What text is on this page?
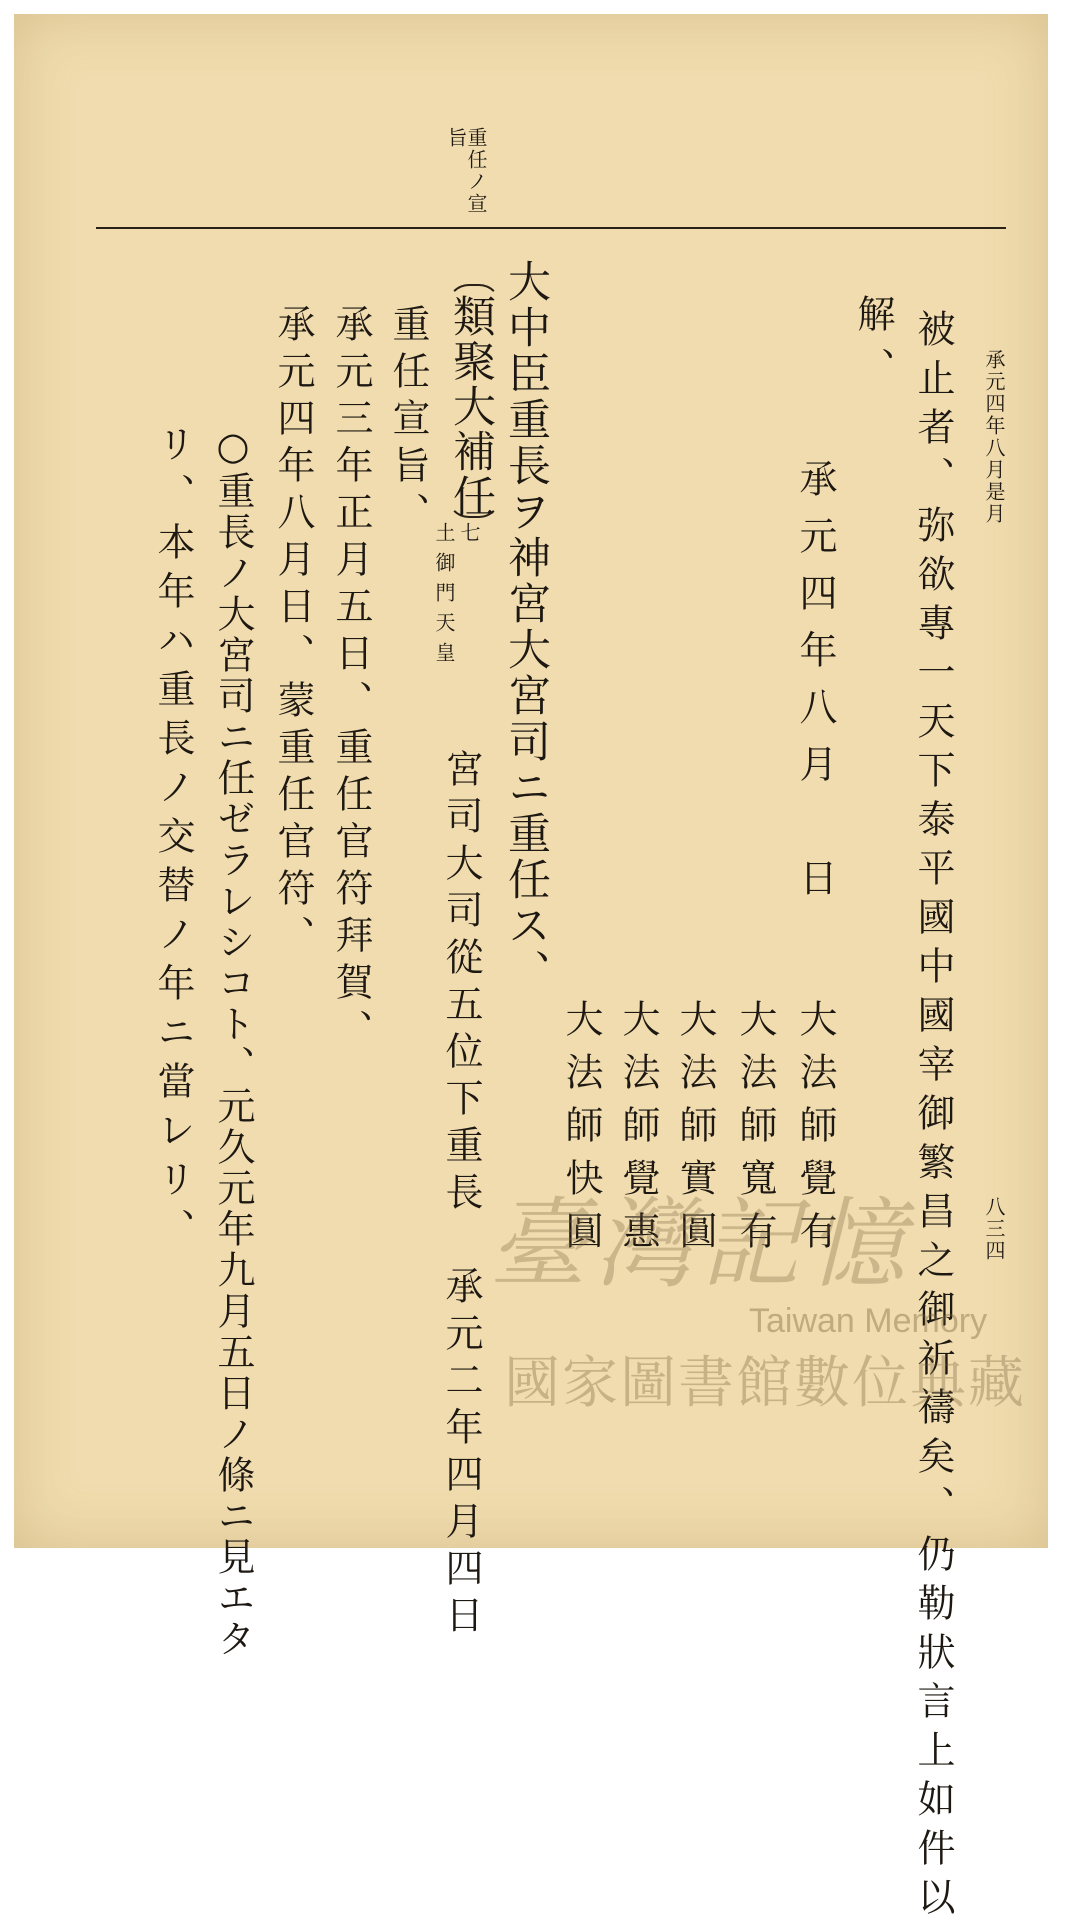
承元四年八月是月
八三四
重任ノ宣
旨
被止者、弥欲專一天下泰平國中國宰御繁昌之御祈禱矣、仍勒狀言上如件以
解、
承元四年八月　日
大法師覺有
大法師寬有
大法師實圓
大法師覺惠
大法師快圓
大中臣重長ヲ神宮大宮司ニ重任ス、
類聚大補任
七
土御門天皇
宮司大司從五位下重長　承元二年四月四日
重任宣旨、
承元三年正月五日、重任官符拜賀、
承元四年八月日、蒙重任官符、
○重長ノ大宮司ニ任ゼラレシコト、元久元年九月五日ノ條ニ見エタ
リ、本年ハ重長ノ交替ノ年ニ當レリ、	臺灣記憶
Taiwan Memory
國家圖書館數位典藏
